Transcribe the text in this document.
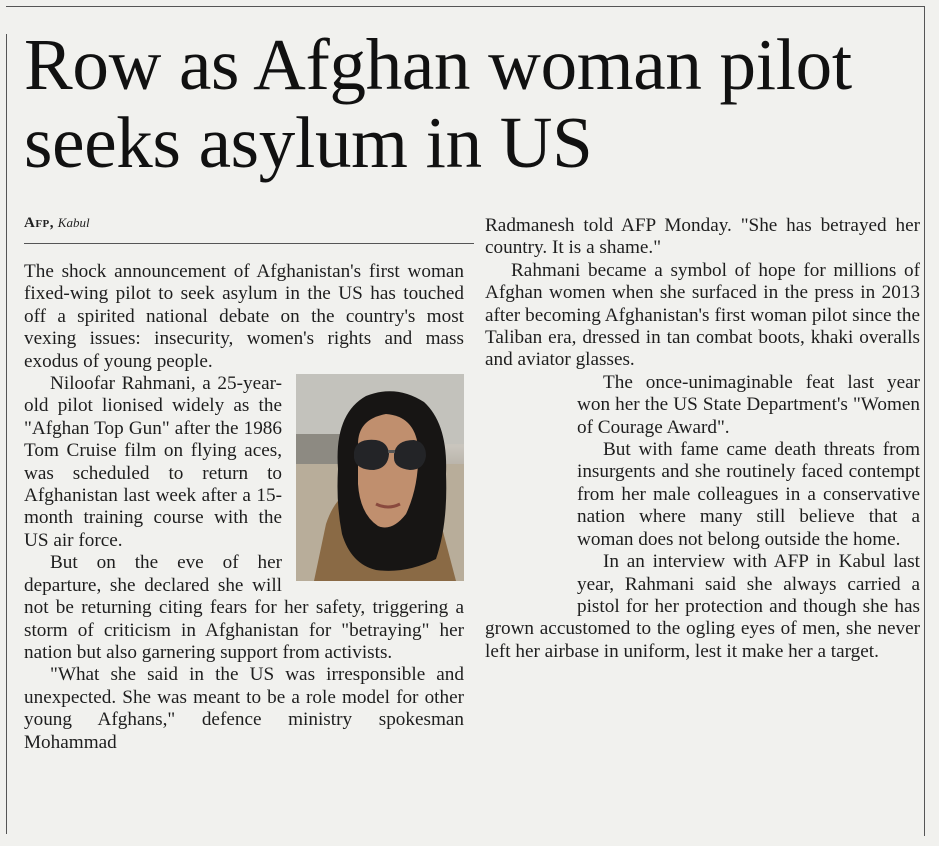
Row as Afghan woman pilot seeks asylum in US
Afp, Kabul

The shock announcement of Afghanistan's first woman fixed-wing pilot to seek asylum in the US has touched off a spirited national debate on the country's most vexing issues: insecurity, women's rights and mass exodus of young people.

Niloofar Rahmani, a 25-year-old pilot lionised widely as the "Afghan Top Gun" after the 1986 Tom Cruise film on flying aces, was scheduled to return to Afghanistan last week after a 15-month training course with the US air force.

But on the eve of her departure, she declared she will not be returning citing fears for her safety, triggering a storm of criticism in Afghanistan for "betraying" her nation but also garnering support from activists.

"What she said in the US was irresponsible and unexpected. She was meant to be a role model for other young Afghans," defence ministry spokesman Mohammad

Radmanesh told AFP Monday. "She has betrayed her country. It is a shame."

Rahmani became a symbol of hope for millions of Afghan women when she surfaced in the press in 2013 after becoming Afghanistan's first woman pilot since the Taliban era, dressed in tan combat boots, khaki overalls and aviator glasses.

The once-unimaginable feat last year won her the US State Department's "Women of Courage Award".

But with fame came death threats from insurgents and she routinely faced contempt from her male colleagues in a conservative nation where many still believe that a woman does not belong outside the home.

In an interview with AFP in Kabul last year, Rahmani said she always carried a pistol for her protection and though she has grown accustomed to the ogling eyes of men, she never left her airbase in uniform, lest it make her a target.
